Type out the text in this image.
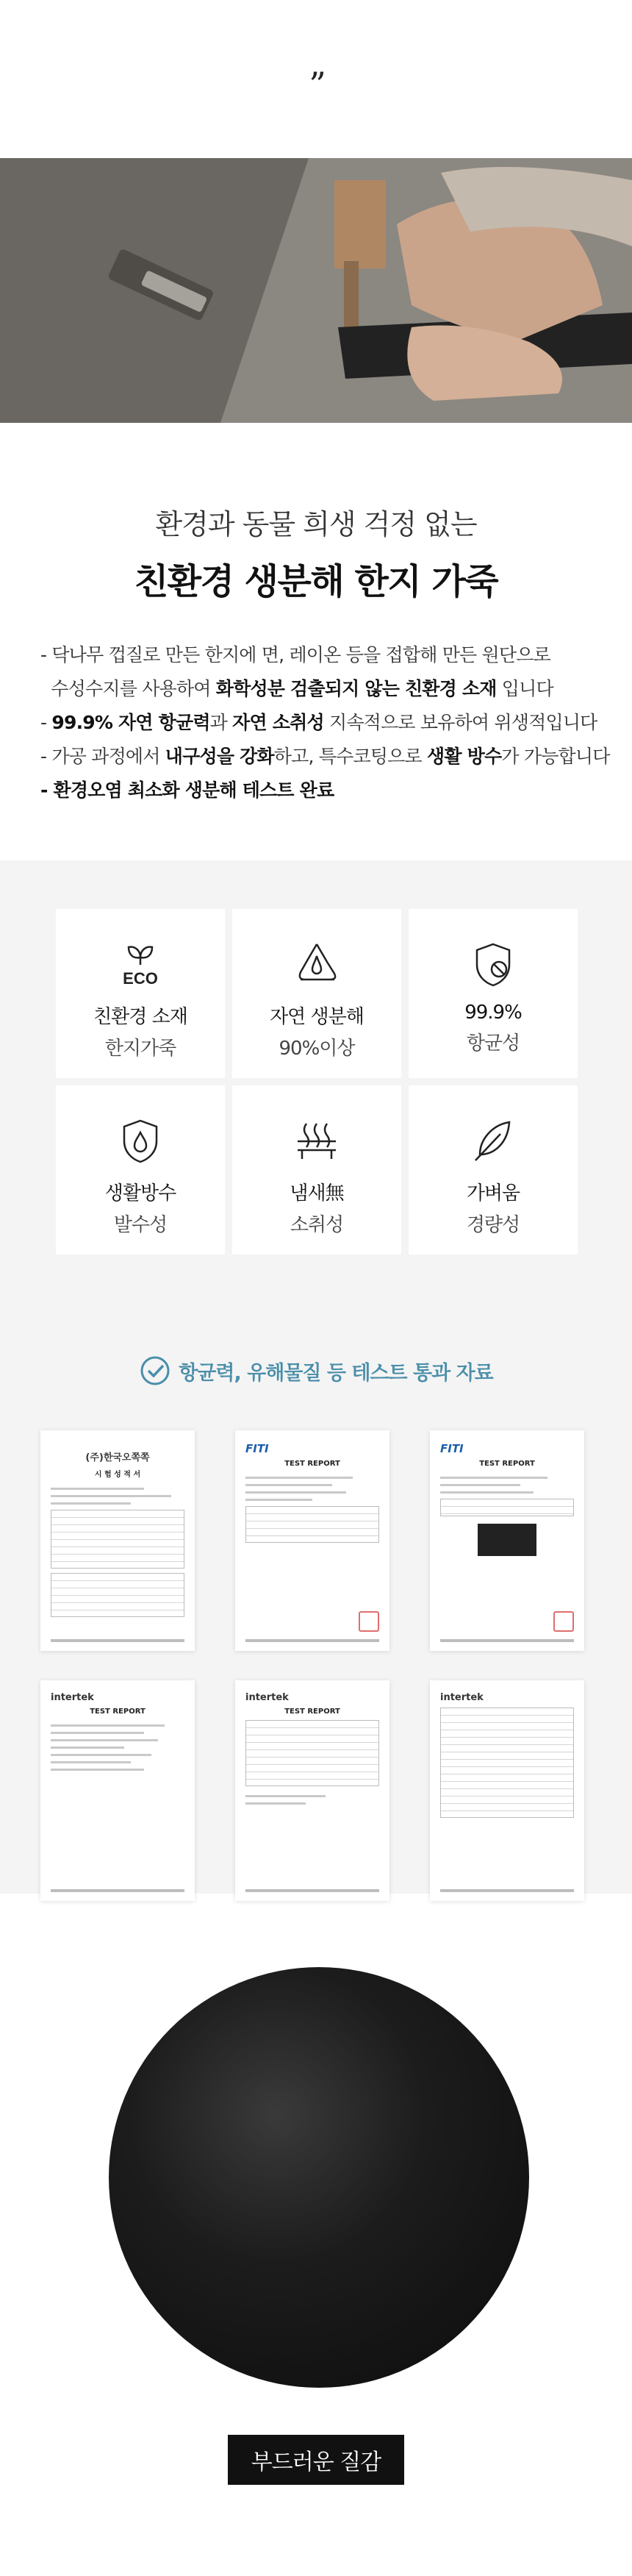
”
환경과 동물 희생 걱정 없는
친환경 생분해 한지 가죽

- 닥나무 껍질로 만든 한지에 면, 레이온 등을 접합해 만든 원단으로

수성수지를 사용하여 화학성분 검출되지 않는 친환경 소재 입니다

- 99.9% 자연 항균력과 자연 소취성 지속적으로 보유하여 위생적입니다

- 가공 과정에서 내구성을 강화하고, 특수코팅으로 생활 방수가 가능합니다

- 환경오염 최소화 생분해 테스트 완료

ECO
친환경 소재
한지가죽
자연 생분해
90%이상
99.9%
항균성
생활방수
발수성
냄새無
소취성
가벼움
경량성
항균력, 유해물질 등 테스트 통과 자료
(주)한국오쪽쪽
시 험 성 적 서
FITI
TEST REPORT
FITI
TEST REPORT
intertek
TEST REPORT
intertek
TEST REPORT
intertek
부드러운 질감
